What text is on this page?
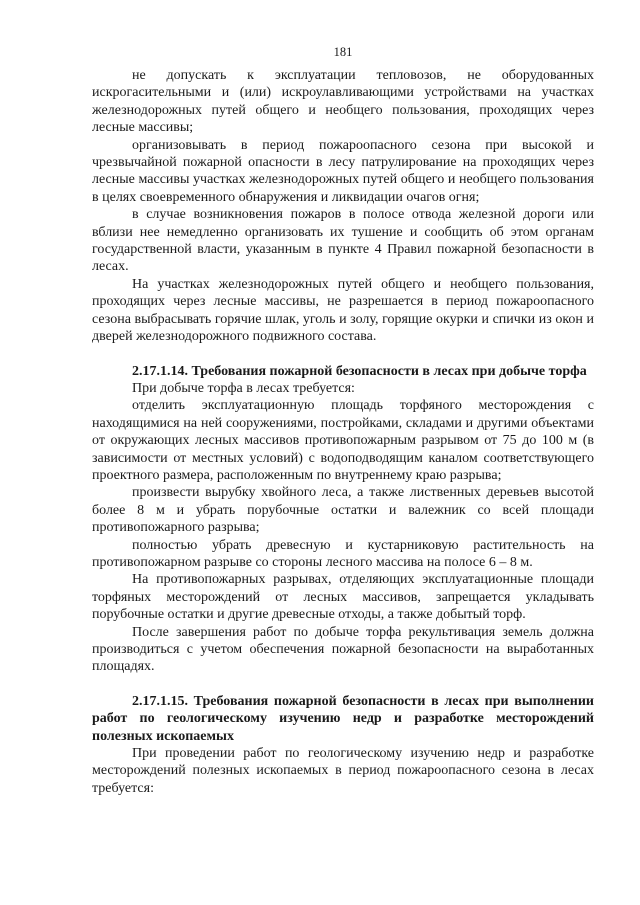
181

не допускать к эксплуатации тепловозов, не оборудованных искрогасительными и (или) искроулавливающими устройствами на участках железнодорожных путей общего и необщего пользования, проходящих через лесные массивы;

организовывать в период пожароопасного сезона при высокой и чрезвычайной пожарной опасности в лесу патрулирование на проходящих через лесные массивы участках железнодорожных путей общего и необщего пользования в целях своевременного обнаружения и ликвидации очагов огня;

в случае возникновения пожаров в полосе отвода железной дороги или вблизи нее немедленно организовать их тушение и сообщить об этом органам государственной власти, указанным в пункте 4 Правил пожарной безопасности в лесах.

На участках железнодорожных путей общего и необщего пользования, проходящих через лесные массивы, не разрешается в период пожароопасного сезона выбрасывать горячие шлак, уголь и золу, горящие окурки и спички из окон и дверей железнодорожного подвижного состава.

2.17.1.14. Требования пожарной безопасности в лесах при добыче торфа

При добыче торфа в лесах требуется:

отделить эксплуатационную площадь торфяного месторождения с находящимися на ней сооружениями, постройками, складами и другими объектами от окружающих лесных массивов противопожарным разрывом от 75 до 100 м (в зависимости от местных условий) с водоподводящим каналом соответствующего проектного размера, расположенным по внутреннему краю разрыва;

произвести вырубку хвойного леса, а также лиственных деревьев высотой более 8 м и убрать порубочные остатки и валежник со всей площади противопожарного разрыва;

полностью убрать древесную и кустарниковую растительность на противопожарном разрыве со стороны лесного массива на полосе 6 – 8 м.

На противопожарных разрывах, отделяющих эксплуатационные площади торфяных месторождений от лесных массивов, запрещается укладывать порубочные остатки и другие древесные отходы, а также добытый торф.

После завершения работ по добыче торфа рекультивация земель должна производиться с учетом обеспечения пожарной безопасности на выработанных площадях.

2.17.1.15. Требования пожарной безопасности в лесах при выполнении работ по геологическому изучению недр и разработке месторождений полезных ископаемых

При проведении работ по геологическому изучению недр и разработке месторождений полезных ископаемых в период пожароопасного сезона в лесах требуется:
